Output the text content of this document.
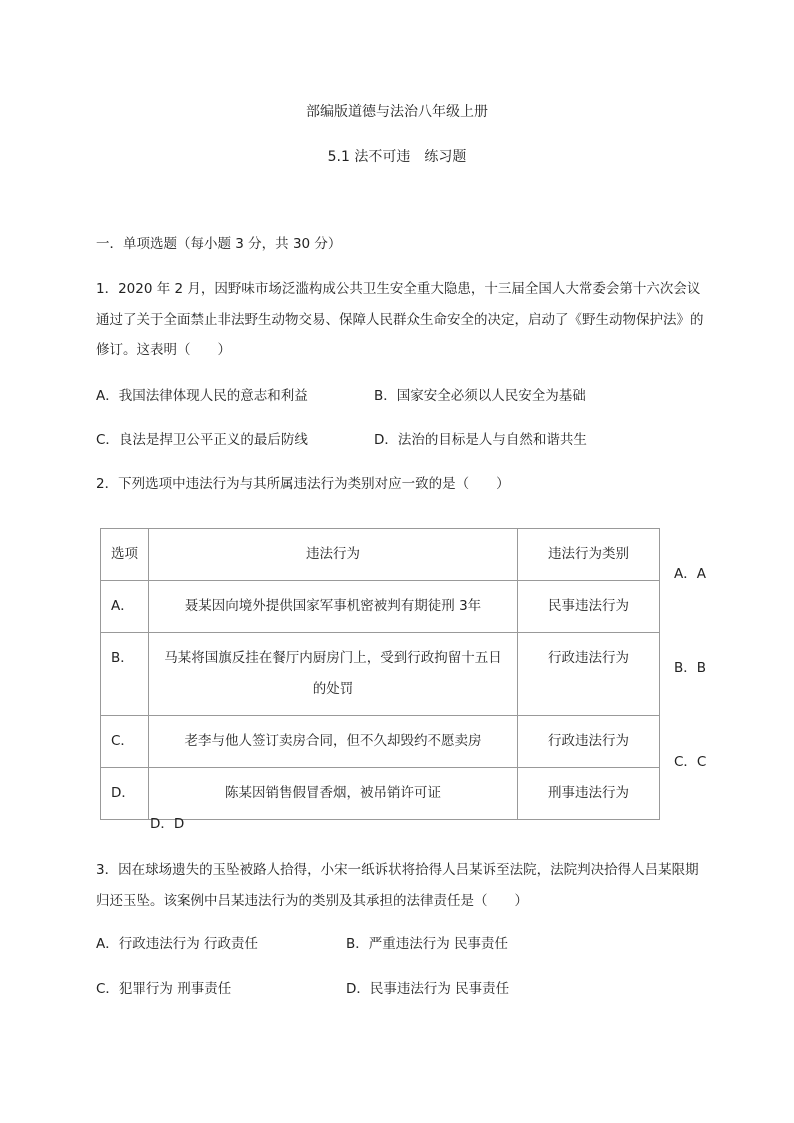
部编版道德与法治八年级上册
5.1 法不可违　练习题
一．单项选题（每小题 3 分，共 30 分）
1．2020 年 2 月，因野味市场泛滥构成公共卫生安全重大隐患，十三届全国人大常委会第十六次会议通过了关于全面禁止非法野生动物交易、保障人民群众生命安全的决定，启动了《野生动物保护法》的修订。这表明（　　）
A．我国法律体现人民的意志和利益	B．国家安全必须以人民安全为基础
C．良法是捍卫公平正义的最后防线	D．法治的目标是人与自然和谐共生
2．下列选项中违法行为与其所属违法行为类别对应一致的是（　　）
选项	违法行为	违法行为类别

A．	聂某因向境外提供国家军事机密被判有期徒刑 3年	民事违法行为

B．	马某将国旗反挂在餐厅内厨房门上，受到行政拘留十五日的处罚	行政违法行为

C．	老李与他人签订卖房合同，但不久却毁约不愿卖房	行政违法行为

D．	陈某因销售假冒香烟，被吊销许可证	刑事违法行为
A．A
B．B
C．C
D．D
3．因在球场遗失的玉坠被路人拾得，小宋一纸诉状将拾得人吕某诉至法院，法院判决拾得人吕某限期归还玉坠。该案例中吕某违法行为的类别及其承担的法律责任是（　　）
A．行政违法行为 行政责任	B．严重违法行为 民事责任
C．犯罪行为 刑事责任	D．民事违法行为 民事责任
